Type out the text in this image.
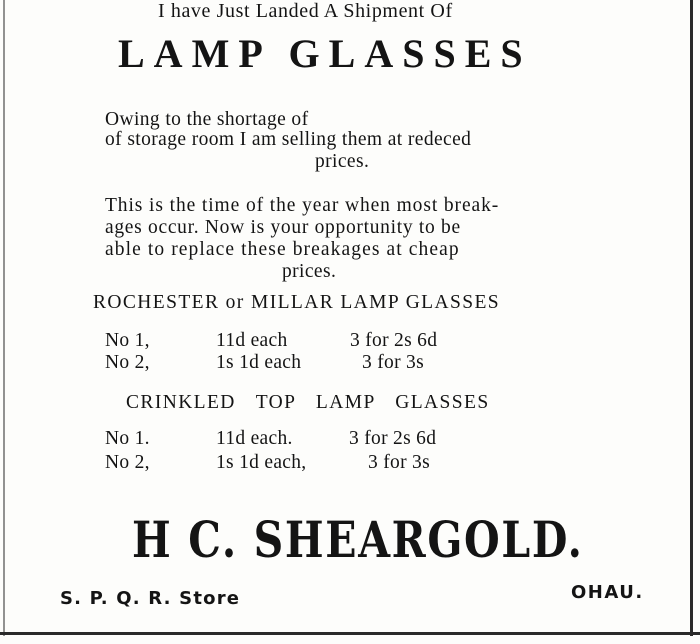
I have Just Landed A Shipment Of
LAMP GLASSES
Owing to the shortage of
of storage room I am selling them at redeced
prices.
This is the time of the year when most break-
ages occur. Now is your opportunity to be
able to replace these breakages at cheap
prices.
ROCHESTER or MILLAR LAMP GLASSES
No 1,	11d each	3 for 2s 6d
No 2,	1s 1d each	3 for 3s
CRINKLED TOP LAMP GLASSES
No 1.	11d each.	3 for 2s 6d
No 2,	1s 1d each,	3 for 3s
H C. SHEARGOLD.
S. P. Q. R. Store	OHAU.
